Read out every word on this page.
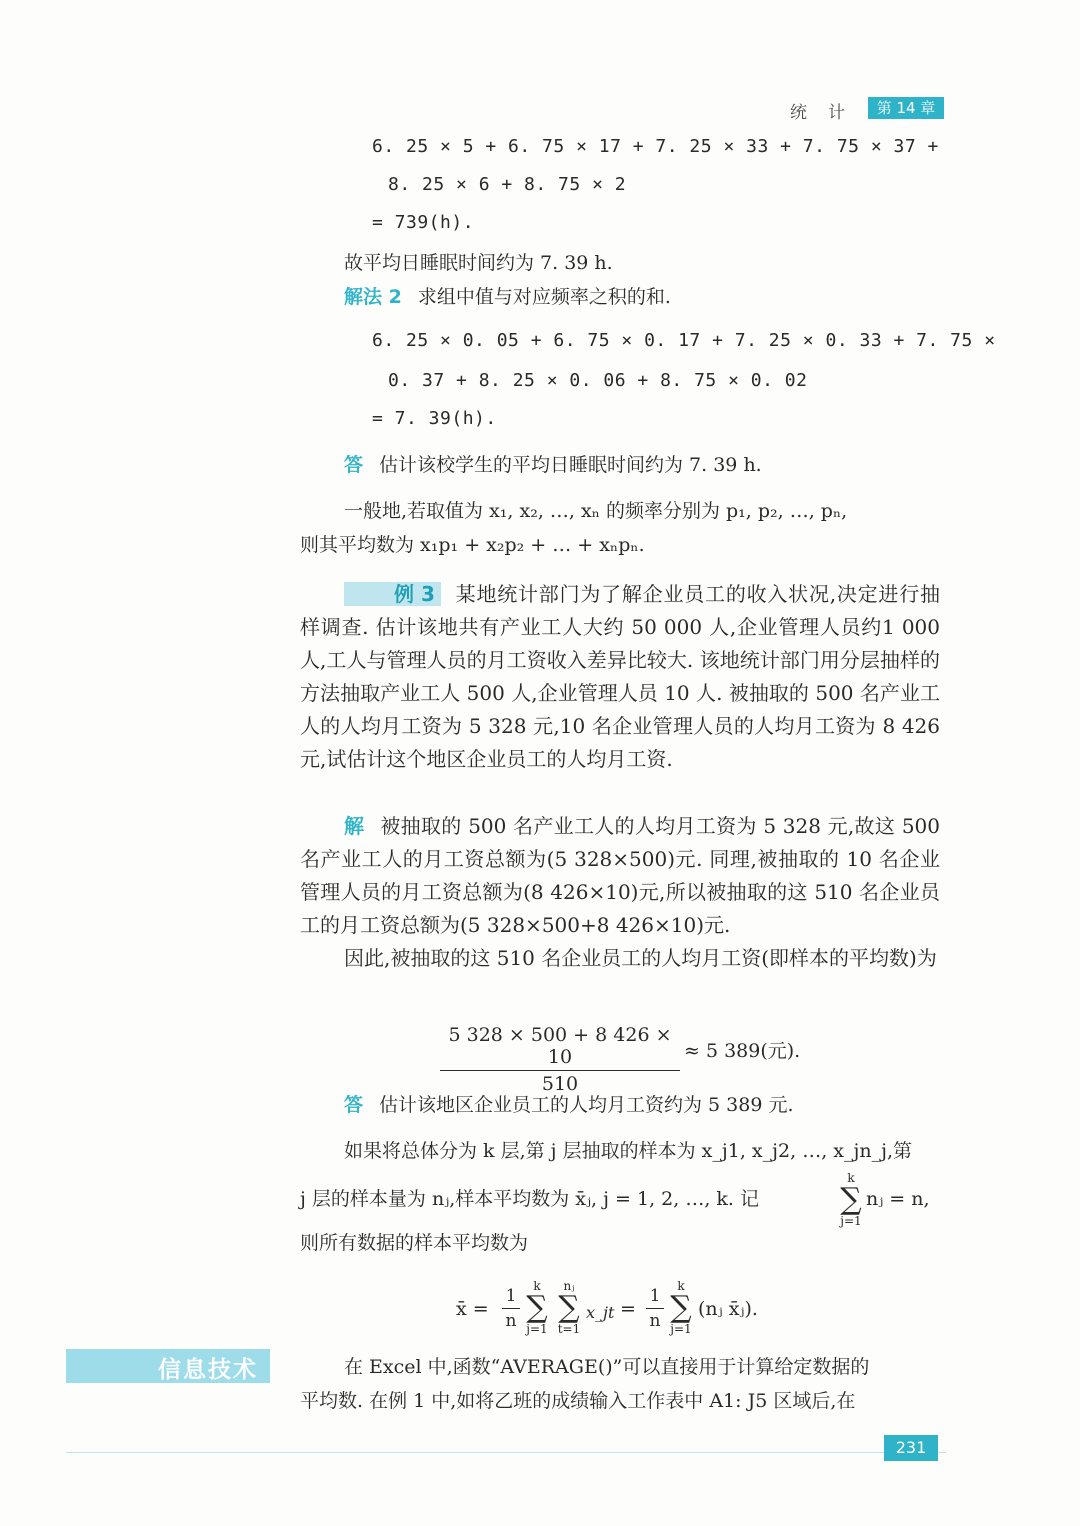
统　计	第 14 章
6. 25 × 5 + 6. 75 × 17 + 7. 25 × 33 + 7. 75 × 37 +
8. 25 × 6 + 8. 75 × 2
= 739(h).
故平均日睡眠时间约为 7. 39 h.
解法 2 求组中值与对应频率之积的和.
6. 25 × 0. 05 + 6. 75 × 0. 17 + 7. 25 × 0. 33 + 7. 75 ×
0. 37 + 8. 25 × 0. 06 + 8. 75 × 0. 02
= 7. 39(h).
答 估计该校学生的平均日睡眠时间约为 7. 39 h.
一般地,若取值为 x₁, x₂, …, xₙ 的频率分别为 p₁, p₂, …, pₙ,
则其平均数为 x₁p₁ + x₂p₂ + … + xₙpₙ.
例 3 某地统计部门为了解企业员工的收入状况,决定进行抽样调查. 估计该地共有产业工人大约 50 000 人,企业管理人员约1 000 人,工人与管理人员的月工资收入差异比较大. 该地统计部门用分层抽样的方法抽取产业工人 500 人,企业管理人员 10 人. 被抽取的 500 名产业工人的人均月工资为 5 328 元,10 名企业管理人员的人均月工资为 8 426 元,试估计这个地区企业员工的人均月工资.
解 被抽取的 500 名产业工人的人均月工资为 5 328 元,故这 500 名产业工人的月工资总额为(5 328×500)元. 同理,被抽取的 10 名企业管理人员的月工资总额为(8 426×10)元,所以被抽取的这 510 名企业员工的月工资总额为(5 328×500+8 426×10)元.
因此,被抽取的这 510 名企业员工的人均月工资(即样本的平均数)为
$\frac{5 328 \times 500 + 8 426 \times 10}{510} \approx 5$ 389(元).
答 估计该地区企业员工的人均月工资约为 5 389 元.
如果将总体分为 k 层,第 j 层抽取的样本为 x_j1, x_j2, …, x_jn_j,第
j 层的样本量为 nⱼ,样本平均数为 x̄ⱼ, j = 1, 2, …, k. 记
k
∑
j=1
nⱼ = n,
则所有数据的样本平均数为
x̄ = $\frac{1}{n}$	k
∑
j=1
nⱼ
∑
t=1
x_jt = $\frac{1}{n}$	k
∑
j=1
(nⱼ x̄ⱼ).
信息技术	在 Excel 中,函数“AVERAGE()”可以直接用于计算给定数据的
平均数. 在例 1 中,如将乙班的成绩输入工作表中 A1: J5 区域后,在
231
